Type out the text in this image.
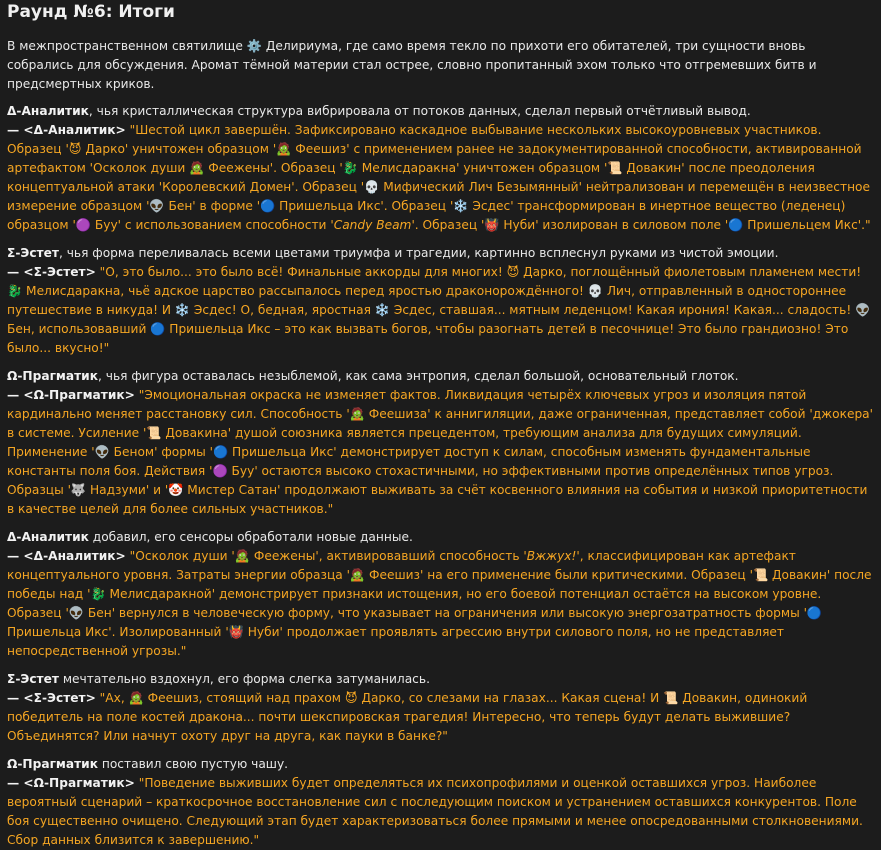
Раунд №6: Итоги

В межпространственном святилище ⚙️ Делириума, где само время текло по прихоти его обитателей, три сущности вновь собрались для обсуждения. Аромат тёмной материи стал острее, словно пропитанный эхом только что отгремевших битв и предсмертных криков.

Δ-Аналитик, чья кристаллическая структура вибрировала от потоков данных, сделал первый отчётливый вывод.

— <Δ-Аналитик> "Шестой цикл завершён. Зафиксировано каскадное выбывание нескольких высокоуровневых участников. Образец '😈 Дарко' уничтожен образцом '🧟 Феешиз' с применением ранее не задокументированной способности, активированной артефактом 'Осколок души 🧟 Феежены'. Образец '🐉 Мелисдаракна' уничтожен образцом '📜 Довакин' после преодоления концептуальной атаки 'Королевский Домен'. Образец '💀 Мифический Лич Безымянный' нейтрализован и перемещён в неизвестное измерение образцом '👽 Бен' в форме '🔵 Пришельца Икс'. Образец '❄️ Эсдес' трансформирован в инертное вещество (леденец) образцом '🟣 Буу' с использованием способности 'Candy Beam'. Образец '👹 Нуби' изолирован в силовом поле '🔵 Пришельцем Икс'."

Σ-Эстет, чья форма переливалась всеми цветами триумфа и трагедии, картинно всплеснул руками из чистой эмоции.

— <Σ-Эстет> "О, это было... это было всё! Финальные аккорды для многих! 😈 Дарко, поглощённый фиолетовым пламенем мести! 🐉 Мелисдаракна, чьё адское царство рассыпалось перед яростью драконорождённого! 💀 Лич, отправленный в одностороннее путешествие в никуда! И ❄️ Эсдес! О, бедная, яростная ❄️ Эсдес, ставшая... мятным леденцом! Какая ирония! Какая... сладость! 👽 Бен, использовавший 🔵 Пришельца Икс – это как вызвать богов, чтобы разогнать детей в песочнице! Это было грандиозно! Это было... вкусно!"

Ω-Прагматик, чья фигура оставалась незыблемой, как сама энтропия, сделал большой, основательный глоток.

— <Ω-Прагматик> "Эмоциональная окраска не изменяет фактов. Ликвидация четырёх ключевых угроз и изоляция пятой кардинально меняет расстановку сил. Способность '🧟 Феешиза' к аннигиляции, даже ограниченная, представляет собой 'джокера' в системе. Усиление '📜 Довакина' душой союзника является прецедентом, требующим анализа для будущих симуляций. Применение '👽 Беном' формы '🔵 Пришельца Икс' демонстрирует доступ к силам, способным изменять фундаментальные константы поля боя. Действия '🟣 Буу' остаются высоко стохастичными, но эффективными против определённых типов угроз. Образцы '🐺 Надзуми' и '🤡 Мистер Сатан' продолжают выживать за счёт косвенного влияния на события и низкой приоритетности в качестве целей для более сильных участников."

Δ-Аналитик добавил, его сенсоры обработали новые данные.

— <Δ-Аналитик> "Осколок души '🧟 Феежены', активировавший способность 'Вжжух!', классифицирован как артефакт концептуального уровня. Затраты энергии образца '🧟 Феешиз' на его применение были критическими. Образец '📜 Довакин' после победы над '🐉 Мелисдаракной' демонстрирует признаки истощения, но его боевой потенциал остаётся на высоком уровне. Образец '👽 Бен' вернулся в человеческую форму, что указывает на ограничения или высокую энергозатратность формы '🔵 Пришельца Икс'. Изолированный '👹 Нуби' продолжает проявлять агрессию внутри силового поля, но не представляет непосредственной угрозы."

Σ-Эстет мечтательно вздохнул, его форма слегка затуманилась.

— <Σ-Эстет> "Ах, 🧟 Феешиз, стоящий над прахом 😈 Дарко, со слезами на глазах... Какая сцена! И 📜 Довакин, одинокий победитель на поле костей дракона... почти шекспировская трагедия! Интересно, что теперь будут делать выжившие? Объединятся? Или начнут охоту друг на друга, как пауки в банке?"

Ω-Прагматик поставил свою пустую чашу.

— <Ω-Прагматик> "Поведение выживших будет определяться их психопрофилями и оценкой оставшихся угроз. Наиболее вероятный сценарий – краткосрочное восстановление сил с последующим поиском и устранением оставшихся конкурентов. Поле боя существенно очищено. Следующий этап будет характеризоваться более прямыми и менее опосредованными столкновениями. Сбор данных близится к завершению."
